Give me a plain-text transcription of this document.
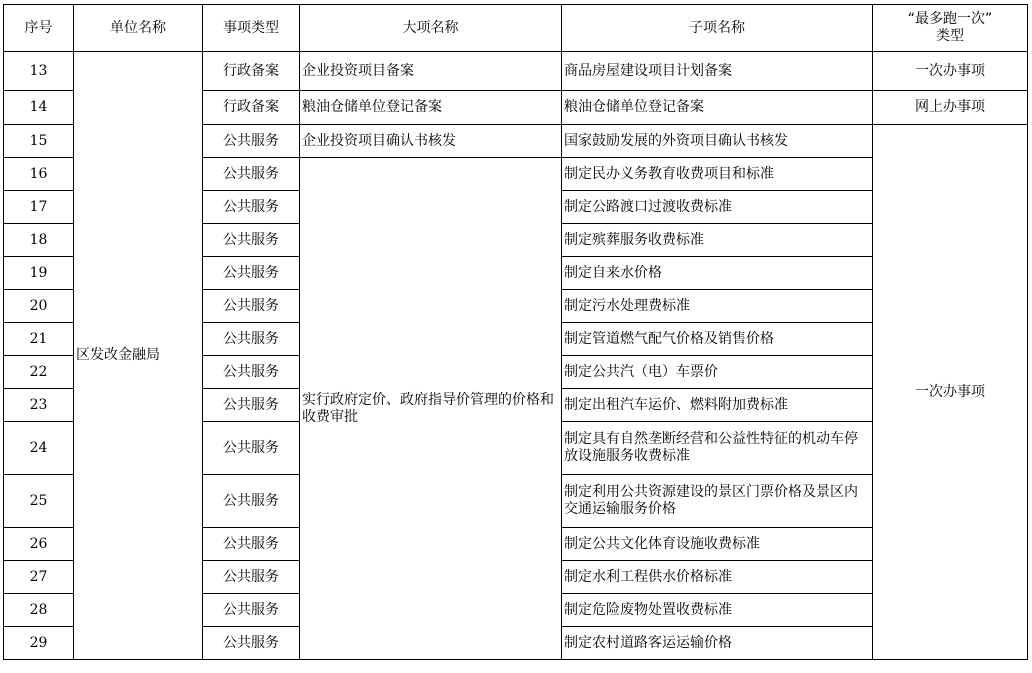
序号	单位名称	事项类型	大项名称	子项名称	“最多跑一次”
类型

13	区发改金融局	行政备案	企业投资项目备案	商品房屋建设项目计划备案	一次办事项
14		行政备案	粮油仓储单位登记备案	粮油仓储单位登记备案	网上办事项
15		公共服务	企业投资项目确认书核发	国家鼓励发展的外资项目确认书核发	一次办事项
16		公共服务	实行政府定价、政府指导价管理的价格和收费审批	制定民办义务教育收费项目和标准	
17		公共服务		制定公路渡口过渡收费标准	
18		公共服务		制定殡葬服务收费标准	
19		公共服务		制定自来水价格	
20		公共服务		制定污水处理费标准	
21		公共服务		制定管道燃气配气价格及销售价格	
22		公共服务		制定公共汽（电）车票价	
23		公共服务		制定出租汽车运价、燃料附加费标准	
24		公共服务		制定具有自然垄断经营和公益性特征的机动车停放设施服务收费标准	
25		公共服务		制定利用公共资源建设的景区门票价格及景区内交通运输服务价格	
26		公共服务		制定公共文化体育设施收费标准	
27		公共服务		制定水利工程供水价格标准	
28		公共服务		制定危险废物处置收费标准	
29		公共服务		制定农村道路客运运输价格	
